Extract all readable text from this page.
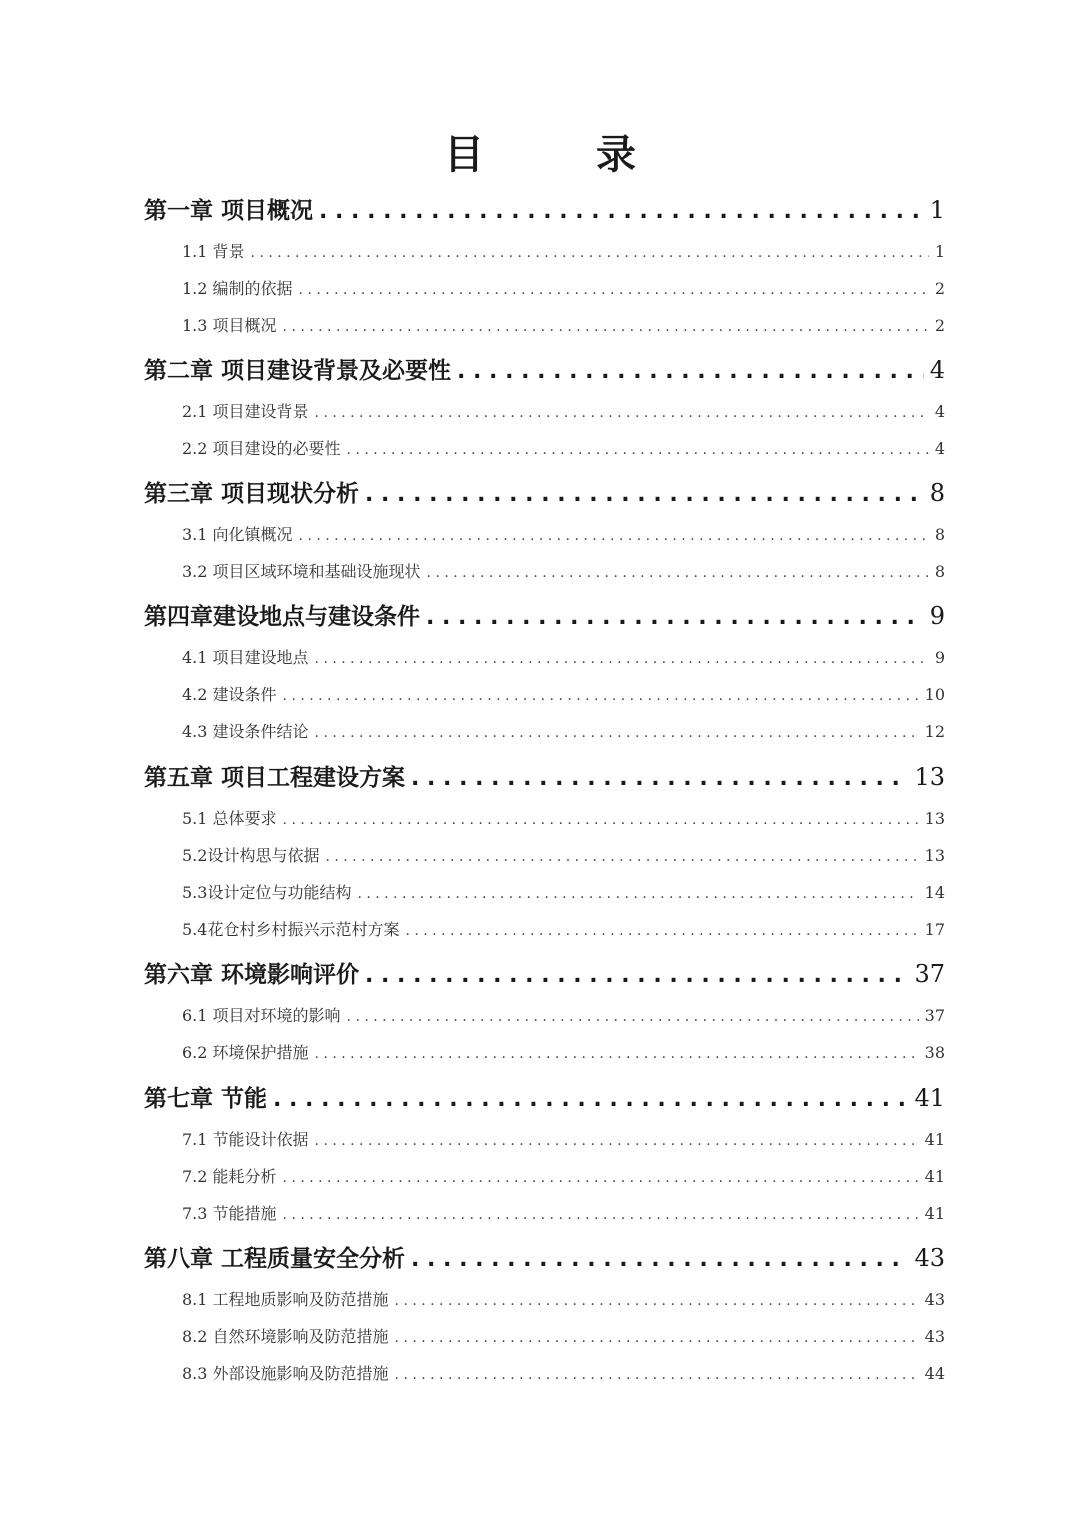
目　录
第一章 项目概况 . . .	1
1.1 背景 . . .	1
1.2 编制的依据 . . .	2
1.3 项目概况 . . .	2
第二章 项目建设背景及必要性 . . .	4
2.1 项目建设背景 . . .	4
2.2 项目建设的必要性 . . .	4
第三章 项目现状分析 . . .	8
3.1 向化镇概况 . . .	8
3.2 项目区域环境和基础设施现状 . . .	8
第四章建设地点与建设条件 . . .	9
4.1 项目建设地点 . . .	9
4.2 建设条件 . . .	10
4.3 建设条件结论 . . .	12
第五章 项目工程建设方案 . . .	13
5.1 总体要求 . . .	13
5.2设计构思与依据 . . .	13
5.3设计定位与功能结构 . . .	14
5.4花仓村乡村振兴示范村方案 . . .	17
第六章 环境影响评价 . . .	37
6.1 项目对环境的影响 . . .	37
6.2 环境保护措施 . . .	38
第七章 节能 . . .	41
7.1 节能设计依据 . . .	41
7.2 能耗分析 . . .	41
7.3 节能措施 . . .	41
第八章 工程质量安全分析 . . .	43
8.1 工程地质影响及防范措施 . . .	43
8.2 自然环境影响及防范措施 . . .	43
8.3 外部设施影响及防范措施 . . .	44
